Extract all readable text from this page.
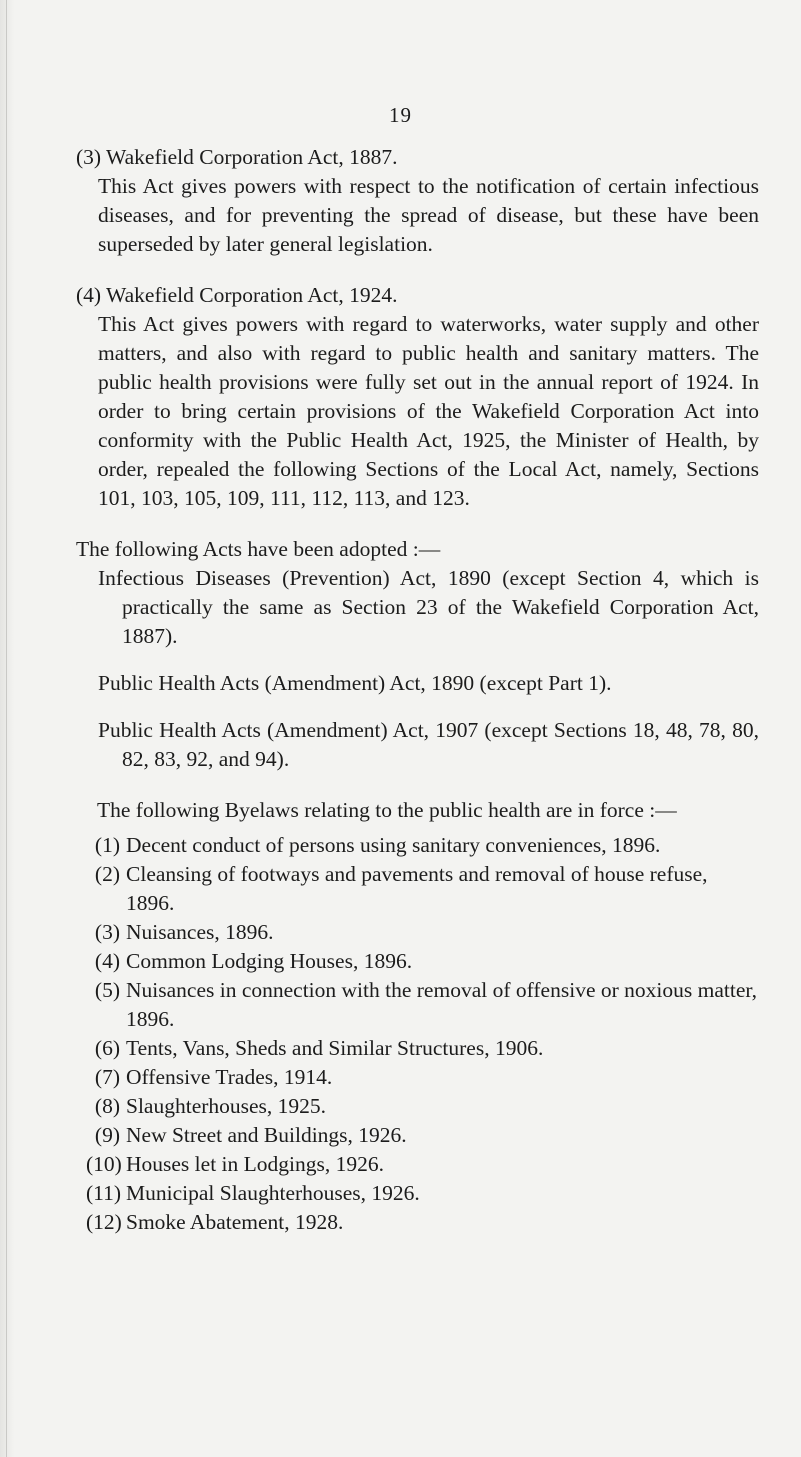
19
(3) Wakefield Corporation Act, 1887.
This Act gives powers with respect to the notification of certain infectious diseases, and for preventing the spread of disease, but these have been superseded by later general legislation.
(4) Wakefield Corporation Act, 1924.
This Act gives powers with regard to waterworks, water supply and other matters, and also with regard to public health and sanitary matters. The public health provisions were fully set out in the annual report of 1924. In order to bring certain provisions of the Wakefield Corporation Act into conformity with the Public Health Act, 1925, the Minister of Health, by order, repealed the following Sections of the Local Act, namely, Sections 101, 103, 105, 109, 111, 112, 113, and 123.
The following Acts have been adopted :—
Infectious Diseases (Prevention) Act, 1890 (except Section 4, which is practically the same as Section 23 of the Wakefield Corporation Act, 1887).
Public Health Acts (Amendment) Act, 1890 (except Part 1).
Public Health Acts (Amendment) Act, 1907 (except Sections 18, 48, 78, 80, 82, 83, 92, and 94).
The following Byelaws relating to the public health are in force :—
(1) Decent conduct of persons using sanitary conveniences, 1896.
(2) Cleansing of footways and pavements and removal of house refuse, 1896.
(3) Nuisances, 1896.
(4) Common Lodging Houses, 1896.
(5) Nuisances in connection with the removal of offensive or noxious matter, 1896.
(6) Tents, Vans, Sheds and Similar Structures, 1906.
(7) Offensive Trades, 1914.
(8) Slaughterhouses, 1925.
(9) New Street and Buildings, 1926.
(10) Houses let in Lodgings, 1926.
(11) Municipal Slaughterhouses, 1926.
(12) Smoke Abatement, 1928.
